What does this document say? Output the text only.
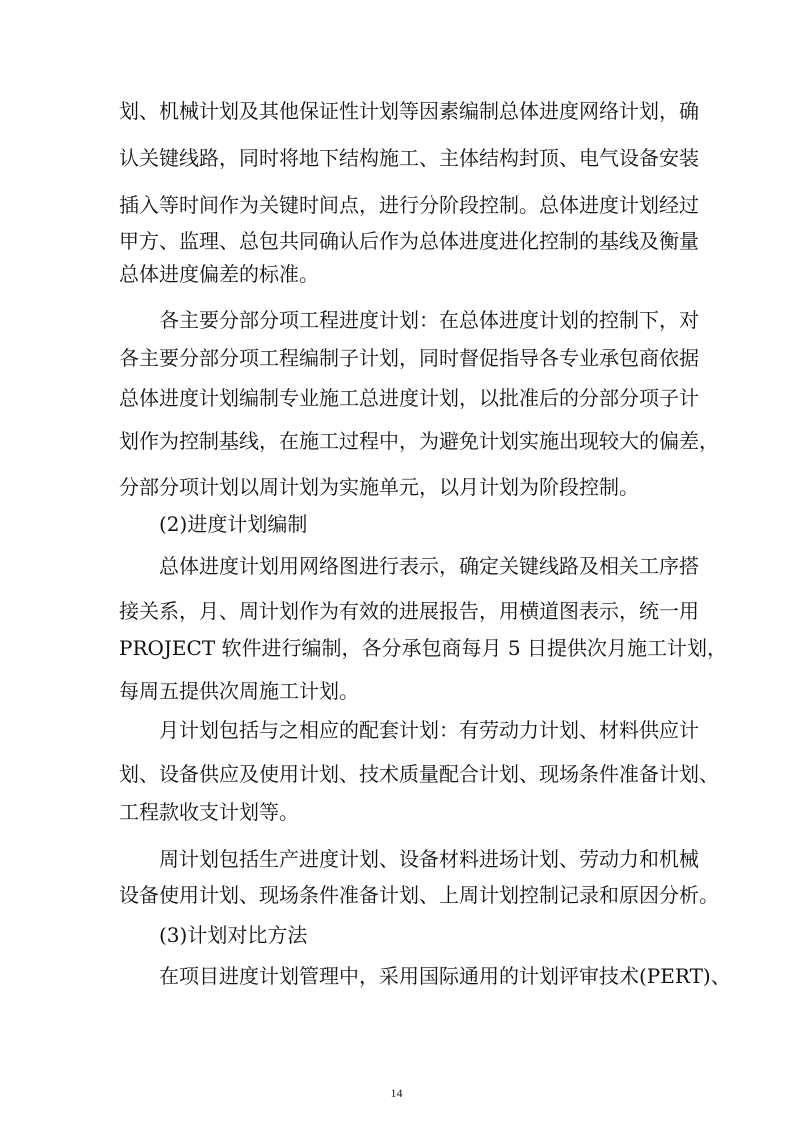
划、机械计划及其他保证性计划等因素编制总体进度网络计划，确
认关键线路，同时将地下结构施工、主体结构封顶、电气设备安装
插入等时间作为关键时间点，进行分阶段控制。总体进度计划经过
甲方、监理、总包共同确认后作为总体进度进化控制的基线及衡量
总体进度偏差的标准。
各主要分部分项工程进度计划：在总体进度计划的控制下，对
各主要分部分项工程编制子计划，同时督促指导各专业承包商依据
总体进度计划编制专业施工总进度计划，以批准后的分部分项子计
划作为控制基线，在施工过程中，为避免计划实施出现较大的偏差，
分部分项计划以周计划为实施单元，以月计划为阶段控制。
(2)进度计划编制
总体进度计划用网络图进行表示，确定关键线路及相关工序搭
接关系，月、周计划作为有效的进展报告，用横道图表示，统一用
PROJECT 软件进行编制，各分承包商每月 5 日提供次月施工计划，
每周五提供次周施工计划。
月计划包括与之相应的配套计划：有劳动力计划、材料供应计
划、设备供应及使用计划、技术质量配合计划、现场条件准备计划、
工程款收支计划等。
周计划包括生产进度计划、设备材料进场计划、劳动力和机械
设备使用计划、现场条件准备计划、上周计划控制记录和原因分析。
(3)计划对比方法
在项目进度计划管理中，采用国际通用的计划评审技术(PERT)、
14
